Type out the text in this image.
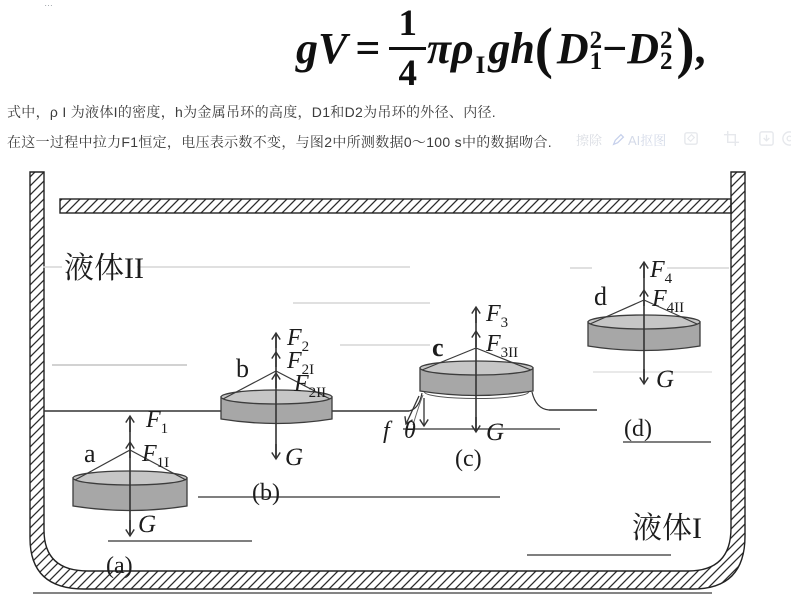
…
gV = $\frac{1}{4}$ πρ I gh ( D 2
1 − D 2
2 ) ,
式中，ρ I 为液体I的密度，h为金属吊环的高度，D1和D2为吊环的外径、内径.
在这一过程中拉力F1恒定，电压表示数不变，与图2中所测数据0～100 s中的数据吻合. 擦除 AI抠图
液体II
液体I
a
b
c
d
$F_1$
$F_{1I}$
$F_2$
$F_{2I}$
$F_{2II}$
$F_3$
$F_{3II}$
$F_4$
$F_{4II}$
G
G
G
G
f θ
(a)
(b)
(c)
(d)
